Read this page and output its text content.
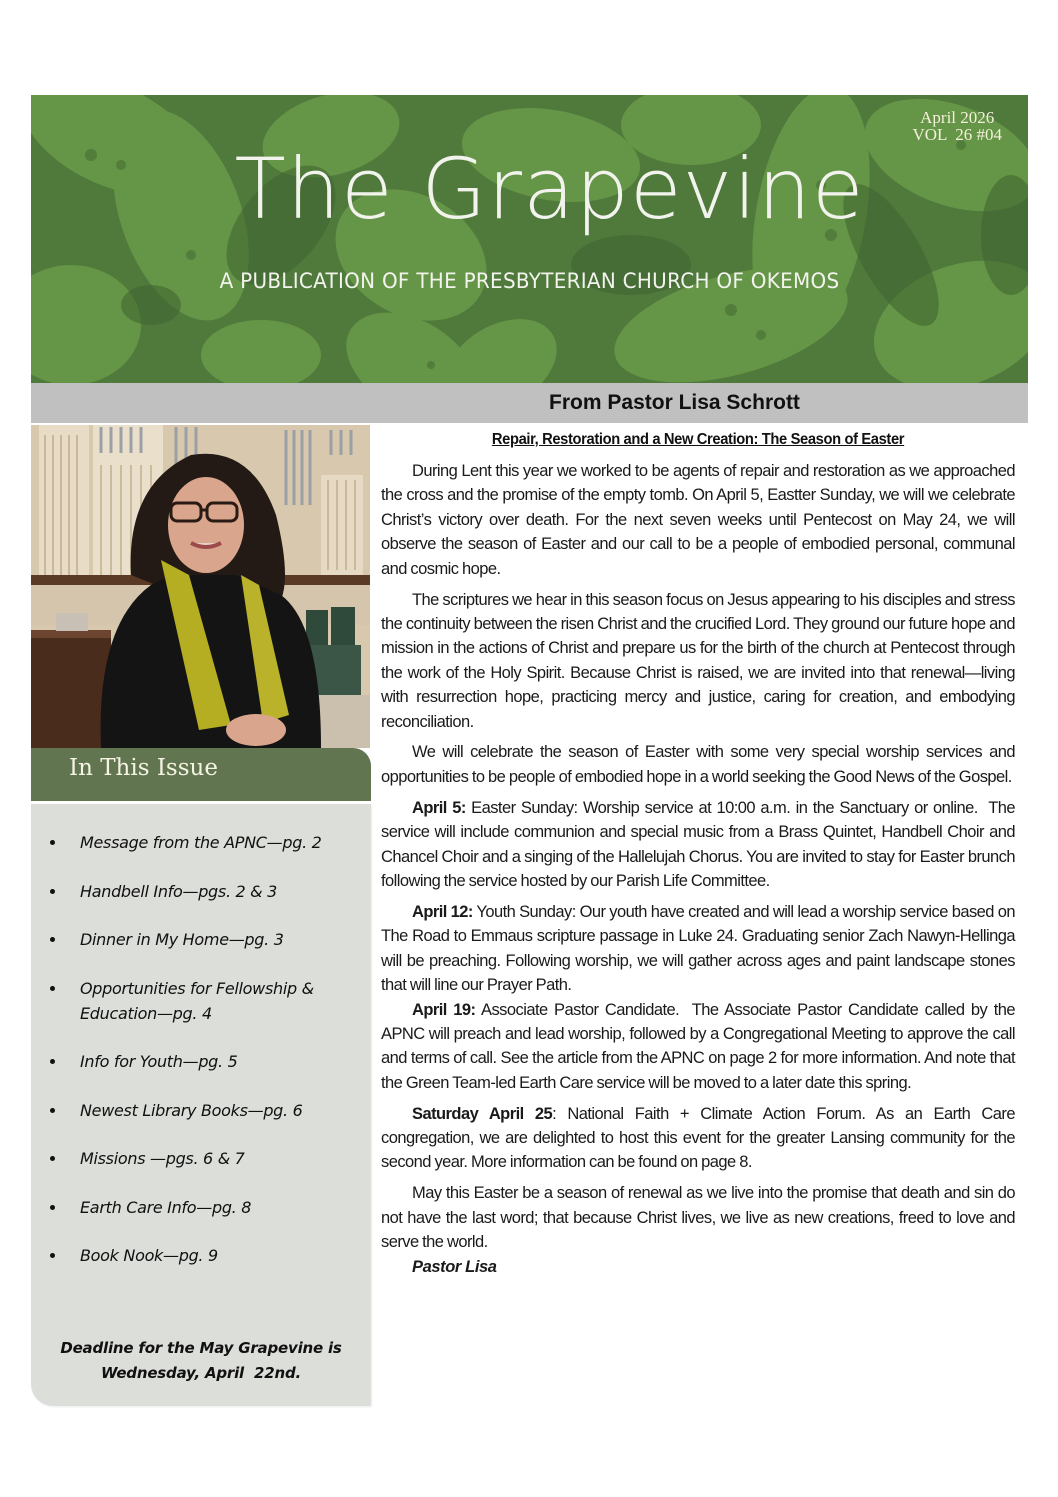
April 2026
VOL  26 #04
The Grapevine
A PUBLICATION OF THE PRESBYTERIAN CHURCH OF OKEMOS
From Pastor Lisa Schrott
In This Issue
Message from the APNC—pg. 2
Handbell Info—pgs. 2 & 3
Dinner in My Home—pg. 3
Opportunities for Fellowship & Education—pg. 4
Info for Youth—pg. 5
Newest Library Books—pg. 6
Missions —pgs. 6 & 7
Earth Care Info—pg. 8
Book Nook—pg. 9
Deadline for the May Grapevine is
Wednesday, April  22nd.
Repair, Restoration and a New Creation: The Season of Easter

During Lent this year we worked to be agents of repair and restoration as we approached the cross and the promise of the empty tomb. On April 5, Eastter Sunday, we will we celebrate Christ’s victory over death. For the next seven weeks until Pentecost on May 24, we will observe the season of Easter and our call to be a people of embodied personal, communal and cosmic hope.

The scriptures we hear in this season focus on Jesus appearing to his disciples and stress the continuity between the risen Christ and the crucified Lord. They ground our future hope and mission in the actions of Christ and prepare us for the birth of the church at Pentecost through the work of the Holy Spirit. Because Christ is raised, we are invited into that renewal—living with resurrection hope, practicing mercy and justice, caring for creation, and embodying reconciliation.

We will celebrate the season of Easter with some very special worship services and opportunities to be people of embodied hope in a world seeking the Good News of the Gospel.

April 5: Easter Sunday: Worship service at 10:00 a.m. in the Sanctuary or online.  The service will include communion and special music from a Brass Quintet, Handbell Choir and Chancel Choir and a singing of the Hallelujah Chorus. You are invited to stay for Easter brunch following the service hosted by our Parish Life Committee.

April 12: Youth Sunday: Our youth have created and will lead a worship service based on The Road to Emmaus scripture passage in Luke 24. Graduating senior Zach Nawyn-Hellinga will be preaching. Following worship, we will gather across ages and paint landscape stones that will line our Prayer Path.

April 19: Associate Pastor Candidate.  The Associate Pastor Candidate called by the APNC will preach and lead worship, followed by a Congregational Meeting to approve the call and terms of call. See the article from the APNC on page 2 for more information. And note that the Green Team-led Earth Care service will be moved to a later date this spring.

Saturday April 25: National Faith + Climate Action Forum. As an Earth Care congregation, we are delighted to host this event for the greater Lansing community for the second year. More information can be found on page 8.

May this Easter be a season of renewal as we live into the promise that death and sin do not have the last word; that because Christ lives, we live as new creations, freed to love and serve the world.

Pastor Lisa
